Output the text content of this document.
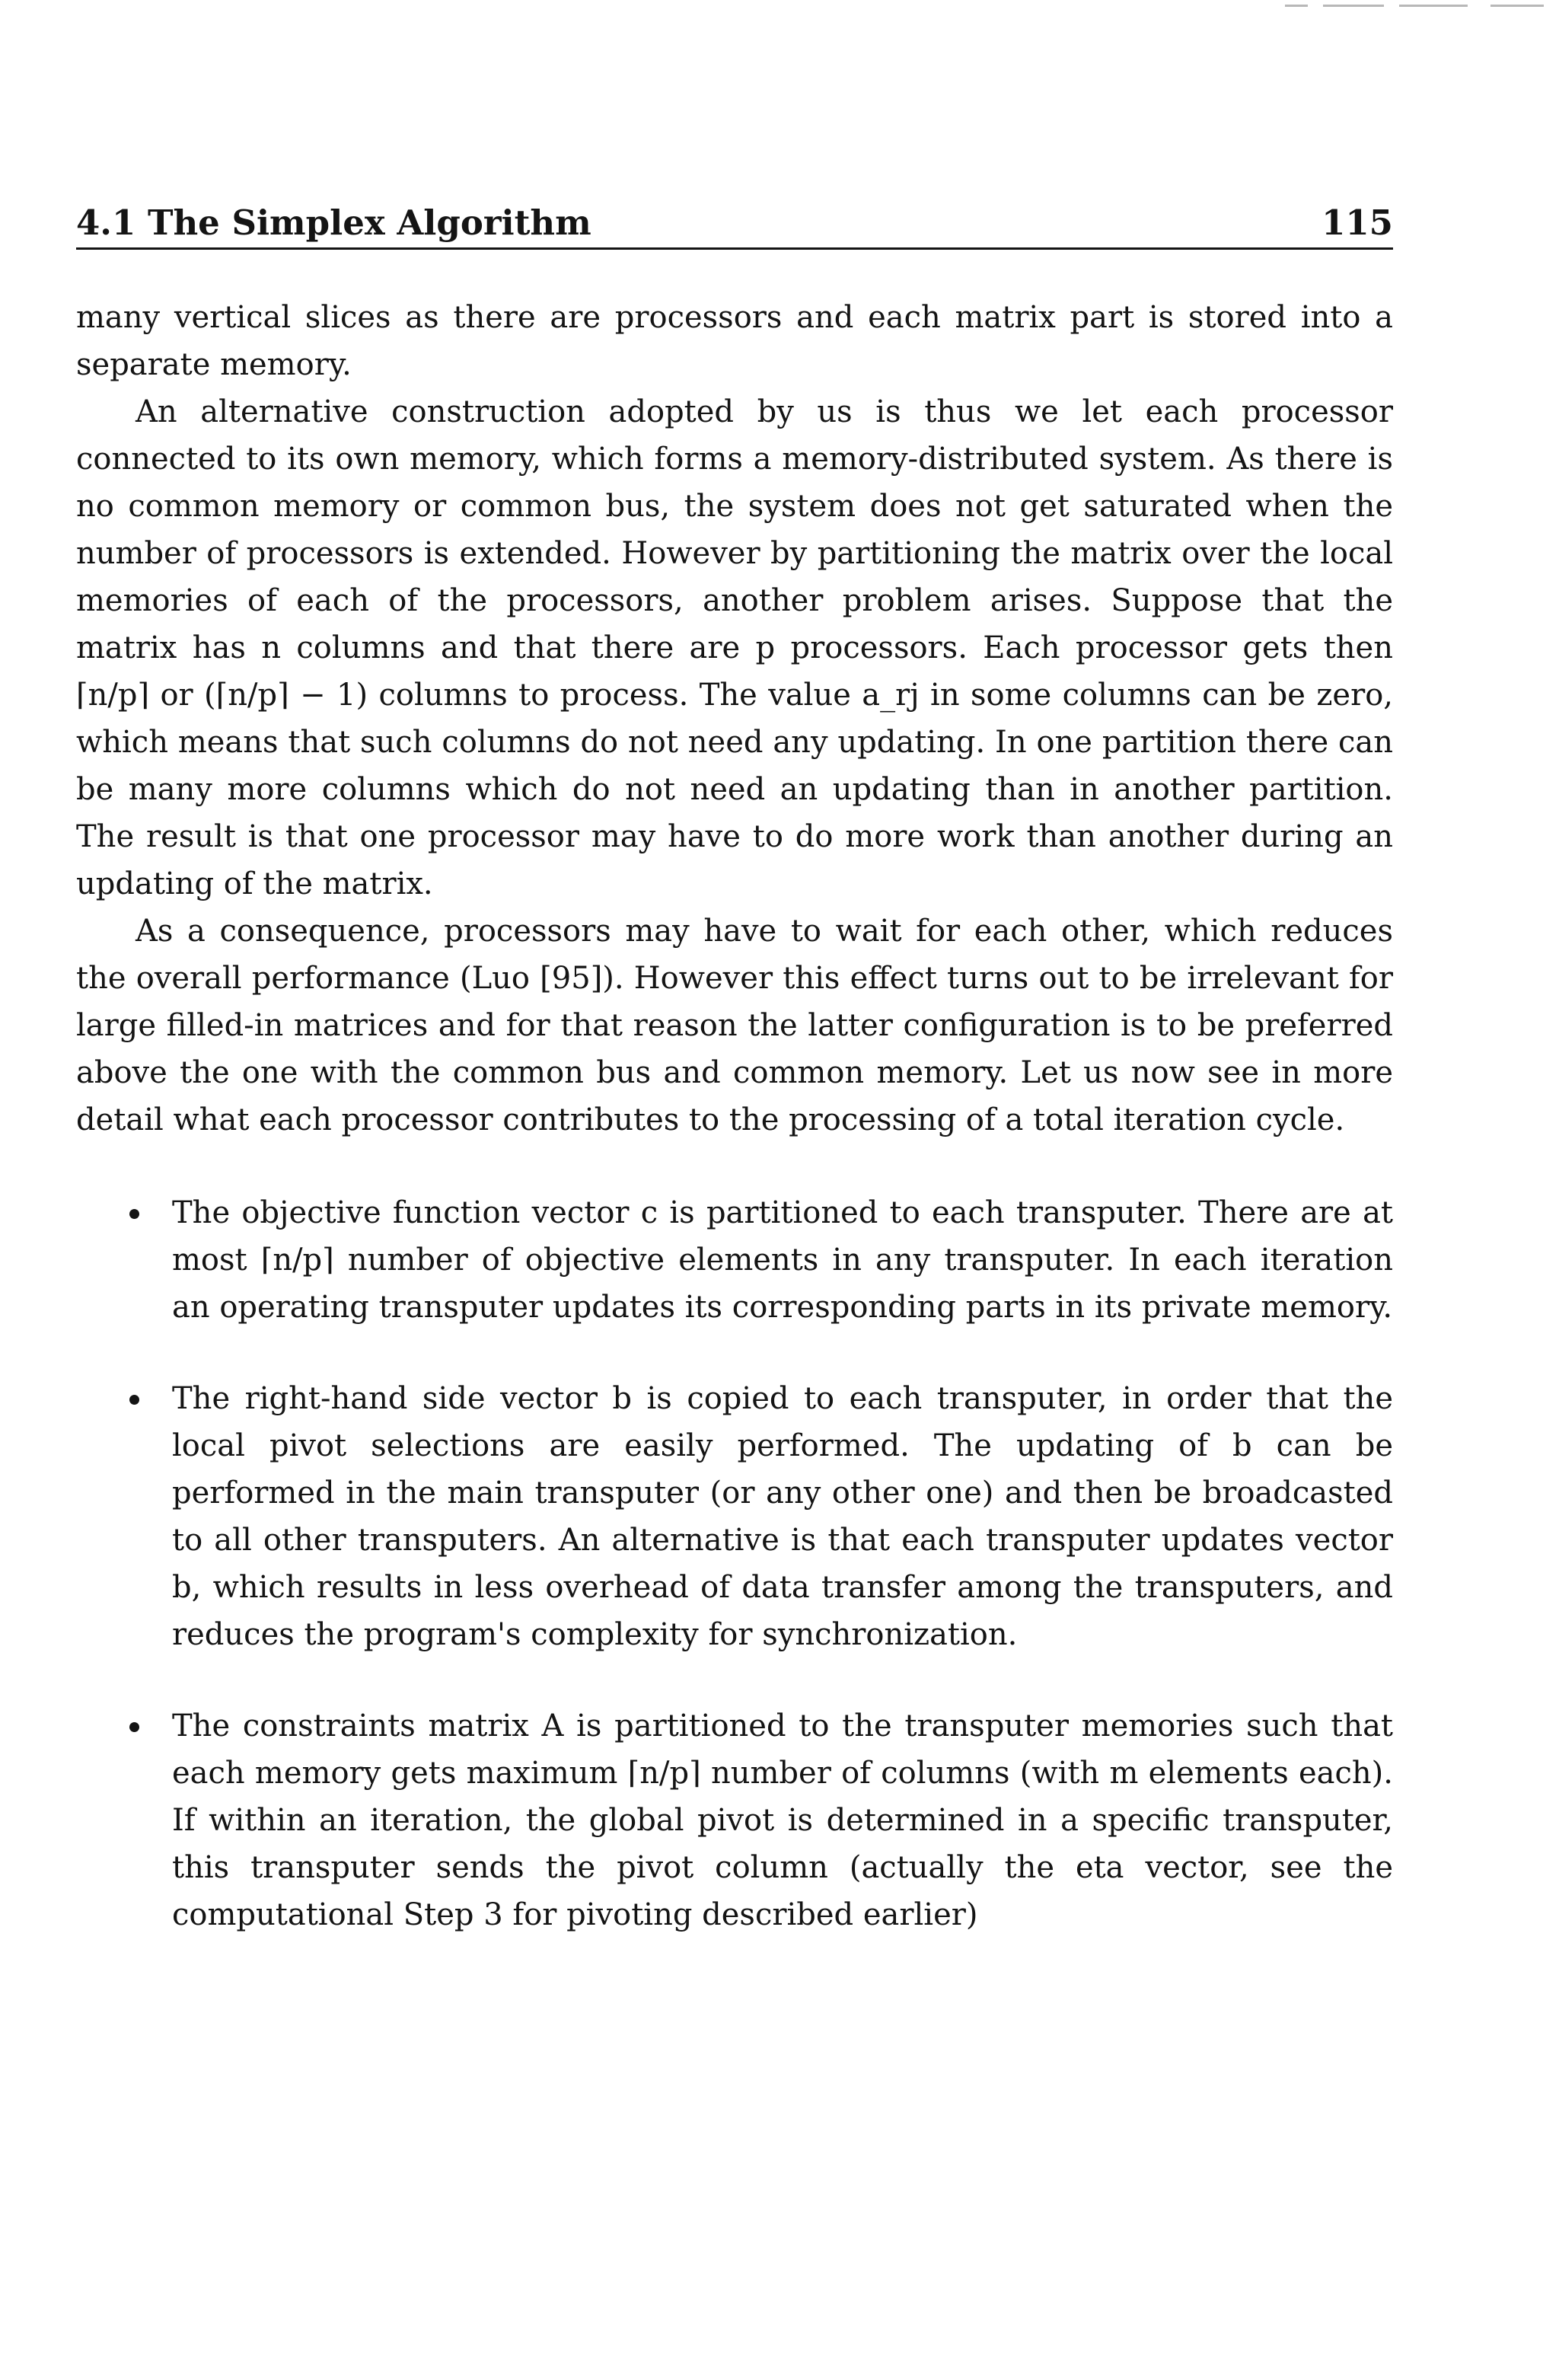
4.1 The Simplex Algorithm	115

many vertical slices as there are processors and each matrix part is stored into a separate memory.

An alternative construction adopted by us is thus we let each processor connected to its own memory, which forms a memory-distributed system. As there is no common memory or common bus, the system does not get saturated when the number of processors is extended. However by partitioning the matrix over the local memories of each of the processors, another problem arises. Suppose that the matrix has n columns and that there are p processors. Each processor gets then ⌈n/p⌉ or (⌈n/p⌉ − 1) columns to process. The value a_rj in some columns can be zero, which means that such columns do not need any updating. In one partition there can be many more columns which do not need an updating than in another partition. The result is that one processor may have to do more work than another during an updating of the matrix.

As a consequence, processors may have to wait for each other, which reduces the overall performance (Luo [95]). However this effect turns out to be irrelevant for large filled-in matrices and for that reason the latter configuration is to be preferred above the one with the common bus and common memory. Let us now see in more detail what each processor contributes to the processing of a total iteration cycle.

The objective function vector c is partitioned to each transputer. There are at most ⌈n/p⌉ number of objective elements in any transputer. In each iteration an operating transputer updates its corresponding parts in its private memory.
The right-hand side vector b is copied to each transputer, in order that the local pivot selections are easily performed. The updating of b can be performed in the main transputer (or any other one) and then be broadcasted to all other transputers. An alternative is that each transputer updates vector b, which results in less overhead of data transfer among the transputers, and reduces the program's complexity for synchronization.
The constraints matrix A is partitioned to the transputer memories such that each memory gets maximum ⌈n/p⌉ number of columns (with m elements each). If within an iteration, the global pivot is determined in a specific transputer, this transputer sends the pivot column (actually the eta vector, see the computational Step 3 for pivoting described earlier)
